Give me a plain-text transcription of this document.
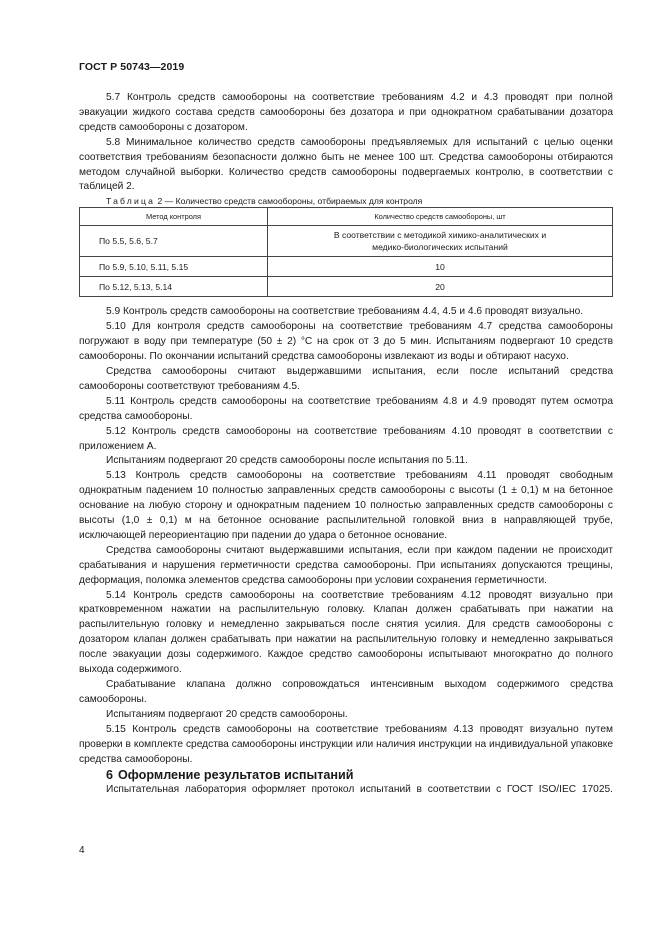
ГОСТ Р 50743—2019

5.7 Контроль средств самообороны на соответствие требованиям 4.2 и 4.3 проводят при полной эвакуации жидкого состава средств самообороны без дозатора и при однократном срабатывании дозатора средств самообороны с дозатором.

5.8 Минимальное количество средств самообороны предъявляемых для испытаний с целью оценки соответствия требованиям безопасности должно быть не менее 100 шт. Средства самообороны отбираются методом случайной выборки. Количество средств самообороны подвергаемых контролю, в соответствии с таблицей 2.

Таблица 2 — Количество средств самообороны, отбираемых для контроля

Метод контроля	Количество средств самообороны, шт
По 5.5, 5.6, 5.7	В соответствии с методикой химико-аналитических и медико-биологических испытаний

По 5.9, 5.10, 5.11, 5.15	10
По 5.12, 5.13, 5.14	20

5.9 Контроль средств самообороны на соответствие требованиям 4.4, 4.5 и 4.6 проводят визуально.

5.10 Для контроля средств самообороны на соответствие требованиям 4.7 средства самообороны погружают в воду при температуре (50 ± 2) °С на срок от 3 до 5 мин. Испытаниям подвергают 10 средств самообороны. По окончании испытаний средства самообороны извлекают из воды и обтирают насухо.

Средства самообороны считают выдержавшими испытания, если после испытаний средства самообороны соответствуют требованиям 4.5.

5.11 Контроль средств самообороны на соответствие требованиям 4.8 и 4.9 проводят путем осмотра средства самообороны.

5.12 Контроль средств самообороны на соответствие требованиям 4.10 проводят в соответствии с приложением А.

Испытаниям подвергают 20 средств самообороны после испытания по 5.11.

5.13 Контроль средств самообороны на соответствие требованиям 4.11 проводят свободным однократным падением 10 полностью заправленных средств самообороны с высоты (1 ± 0,1) м на бетонное основание на любую сторону и однократным падением 10 полностью заправленных средств самообороны с высоты (1,0 ± 0,1) м на бетонное основание распылительной головкой вниз в направляющей трубе, исключающей переориентацию при падении до удара о бетонное основание.

Средства самообороны считают выдержавшими испытания, если при каждом падении не происходит срабатывания и нарушения герметичности средства самообороны. При испытаниях допускаются трещины, деформация, поломка элементов средства самообороны при условии сохранения герметичности.

5.14 Контроль средств самообороны на соответствие требованиям 4.12 проводят визуально при кратковременном нажатии на распылительную головку. Клапан должен срабатывать при нажатии на распылительную головку и немедленно закрываться после снятия усилия. Для средств самообороны с дозатором клапан должен срабатывать при нажатии на распылительную головку и немедленно закрываться после эвакуации дозы содержимого. Каждое средство самообороны испытывают многократно до полного выхода содержимого.

Срабатывание клапана должно сопровождаться интенсивным выходом содержимого средства самообороны.

Испытаниям подвергают 20 средств самообороны.

5.15 Контроль средств самообороны на соответствие требованиям 4.13 проводят визуально путем проверки в комплекте средства самообороны инструкции или наличия инструкции на индивидуальной упаковке средства самообороны.

6 Оформление результатов испытаний

Испытательная лаборатория оформляет протокол испытаний в соответствии с ГОСТ ISO/IEC 17025.

4
